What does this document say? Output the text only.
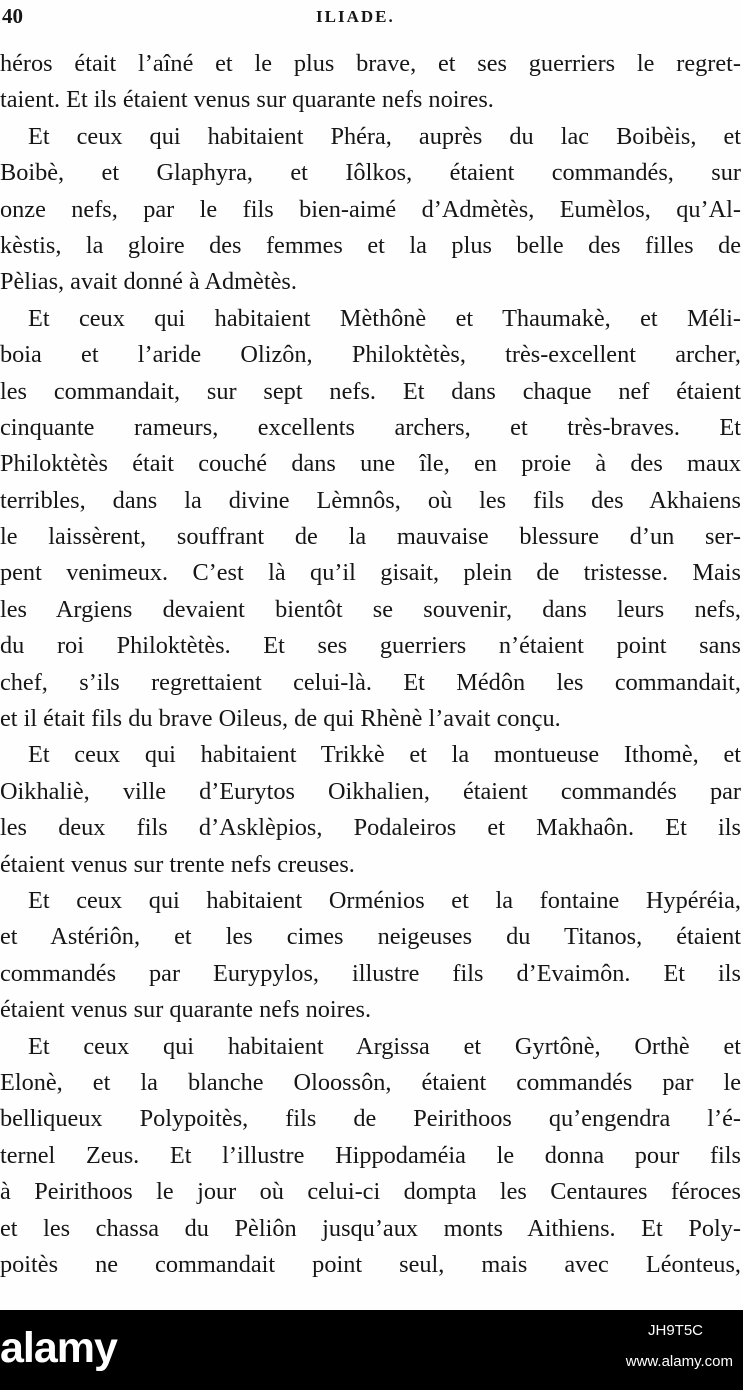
40	ILIADE.

héros était l’aîné et le plus brave, et ses guerriers le regret-
taient. Et ils étaient venus sur quarante nefs noires.

Et ceux qui habitaient Phéra, auprès du lac Boibèis, et
Boibè, et Glaphyra, et Iôlkos, étaient commandés, sur
onze nefs, par le fils bien-aimé d’Admètès, Eumèlos, qu’Al-
kèstis, la gloire des femmes et la plus belle des filles de
Pèlias, avait donné à Admètès.

Et ceux qui habitaient Mèthônè et Thaumakè, et Méli-
boia et l’aride Olizôn, Philoktètès, très-excellent archer,
les commandait, sur sept nefs. Et dans chaque nef étaient
cinquante rameurs, excellents archers, et très-braves. Et
Philoktètès était couché dans une île, en proie à des maux
terribles, dans la divine Lèmnôs, où les fils des Akhaiens
le laissèrent, souffrant de la mauvaise blessure d’un ser-
pent venimeux. C’est là qu’il gisait, plein de tristesse. Mais
les Argiens devaient bientôt se souvenir, dans leurs nefs,
du roi Philoktètès. Et ses guerriers n’étaient point sans
chef, s’ils regrettaient celui-là. Et Médôn les commandait,
et il était fils du brave Oileus, de qui Rhènè l’avait conçu.

Et ceux qui habitaient Trikkè et la montueuse Ithomè, et
Oikhaliè, ville d’Eurytos Oikhalien, étaient commandés par
les deux fils d’Asklèpios, Podaleiros et Makhaôn. Et ils
étaient venus sur trente nefs creuses.

Et ceux qui habitaient Orménios et la fontaine Hypéréia,
et Astériôn, et les cimes neigeuses du Titanos, étaient
commandés par Eurypylos, illustre fils d’Evaimôn. Et ils
étaient venus sur quarante nefs noires.

Et ceux qui habitaient Argissa et Gyrtônè, Orthè et
Elonè, et la blanche Oloossôn, étaient commandés par le
belliqueux Polypoitès, fils de Peirithoos qu’engendra l’é-
ternel Zeus. Et l’illustre Hippodaméia le donna pour fils
à Peirithoos le jour où celui-ci dompta les Centaures féroces
et les chassa du Pèliôn jusqu’aux monts Aithiens. Et Poly-
poitès ne commandait point seul, mais avec Léonteus,

alamy	JH9T5C
www.alamy.com
